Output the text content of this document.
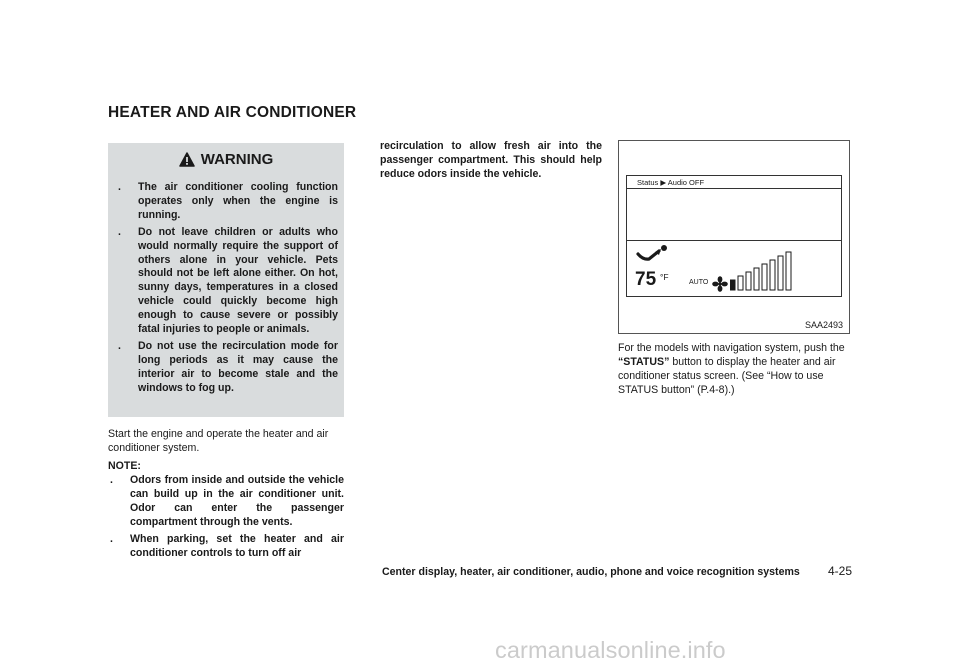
HEATER AND AIR CONDITIONER
WARNING
. The air conditioner cooling function operates only when the engine is running.
. Do not leave children or adults who would normally require the support of others alone in your vehicle. Pets should not be left alone either. On hot, sunny days, temperatures in a closed vehicle could quickly become high enough to cause severe or possibly fatal injuries to people or animals.
. Do not use the recirculation mode for long periods as it may cause the interior air to become stale and the windows to fog up.

Start the engine and operate the heater and air conditioner system.

NOTE:

. Odors from inside and outside the vehicle can build up in the air conditioner unit. Odor can enter the passenger compartment through the vents.
. When parking, set the heater and air conditioner controls to turn off air

recirculation to allow fresh air into the passenger compartment. This should help reduce odors inside the vehicle.

Status ▶ Audio OFF
75 °F
AUTO
SAA2493

For the models with navigation system, push the “STATUS” button to display the heater and air conditioner status screen. (See “How to use STATUS button” (P.4-8).)

Center display, heater, air conditioner, audio, phone and voice recognition systems 4-25
carmanualsonline.info
